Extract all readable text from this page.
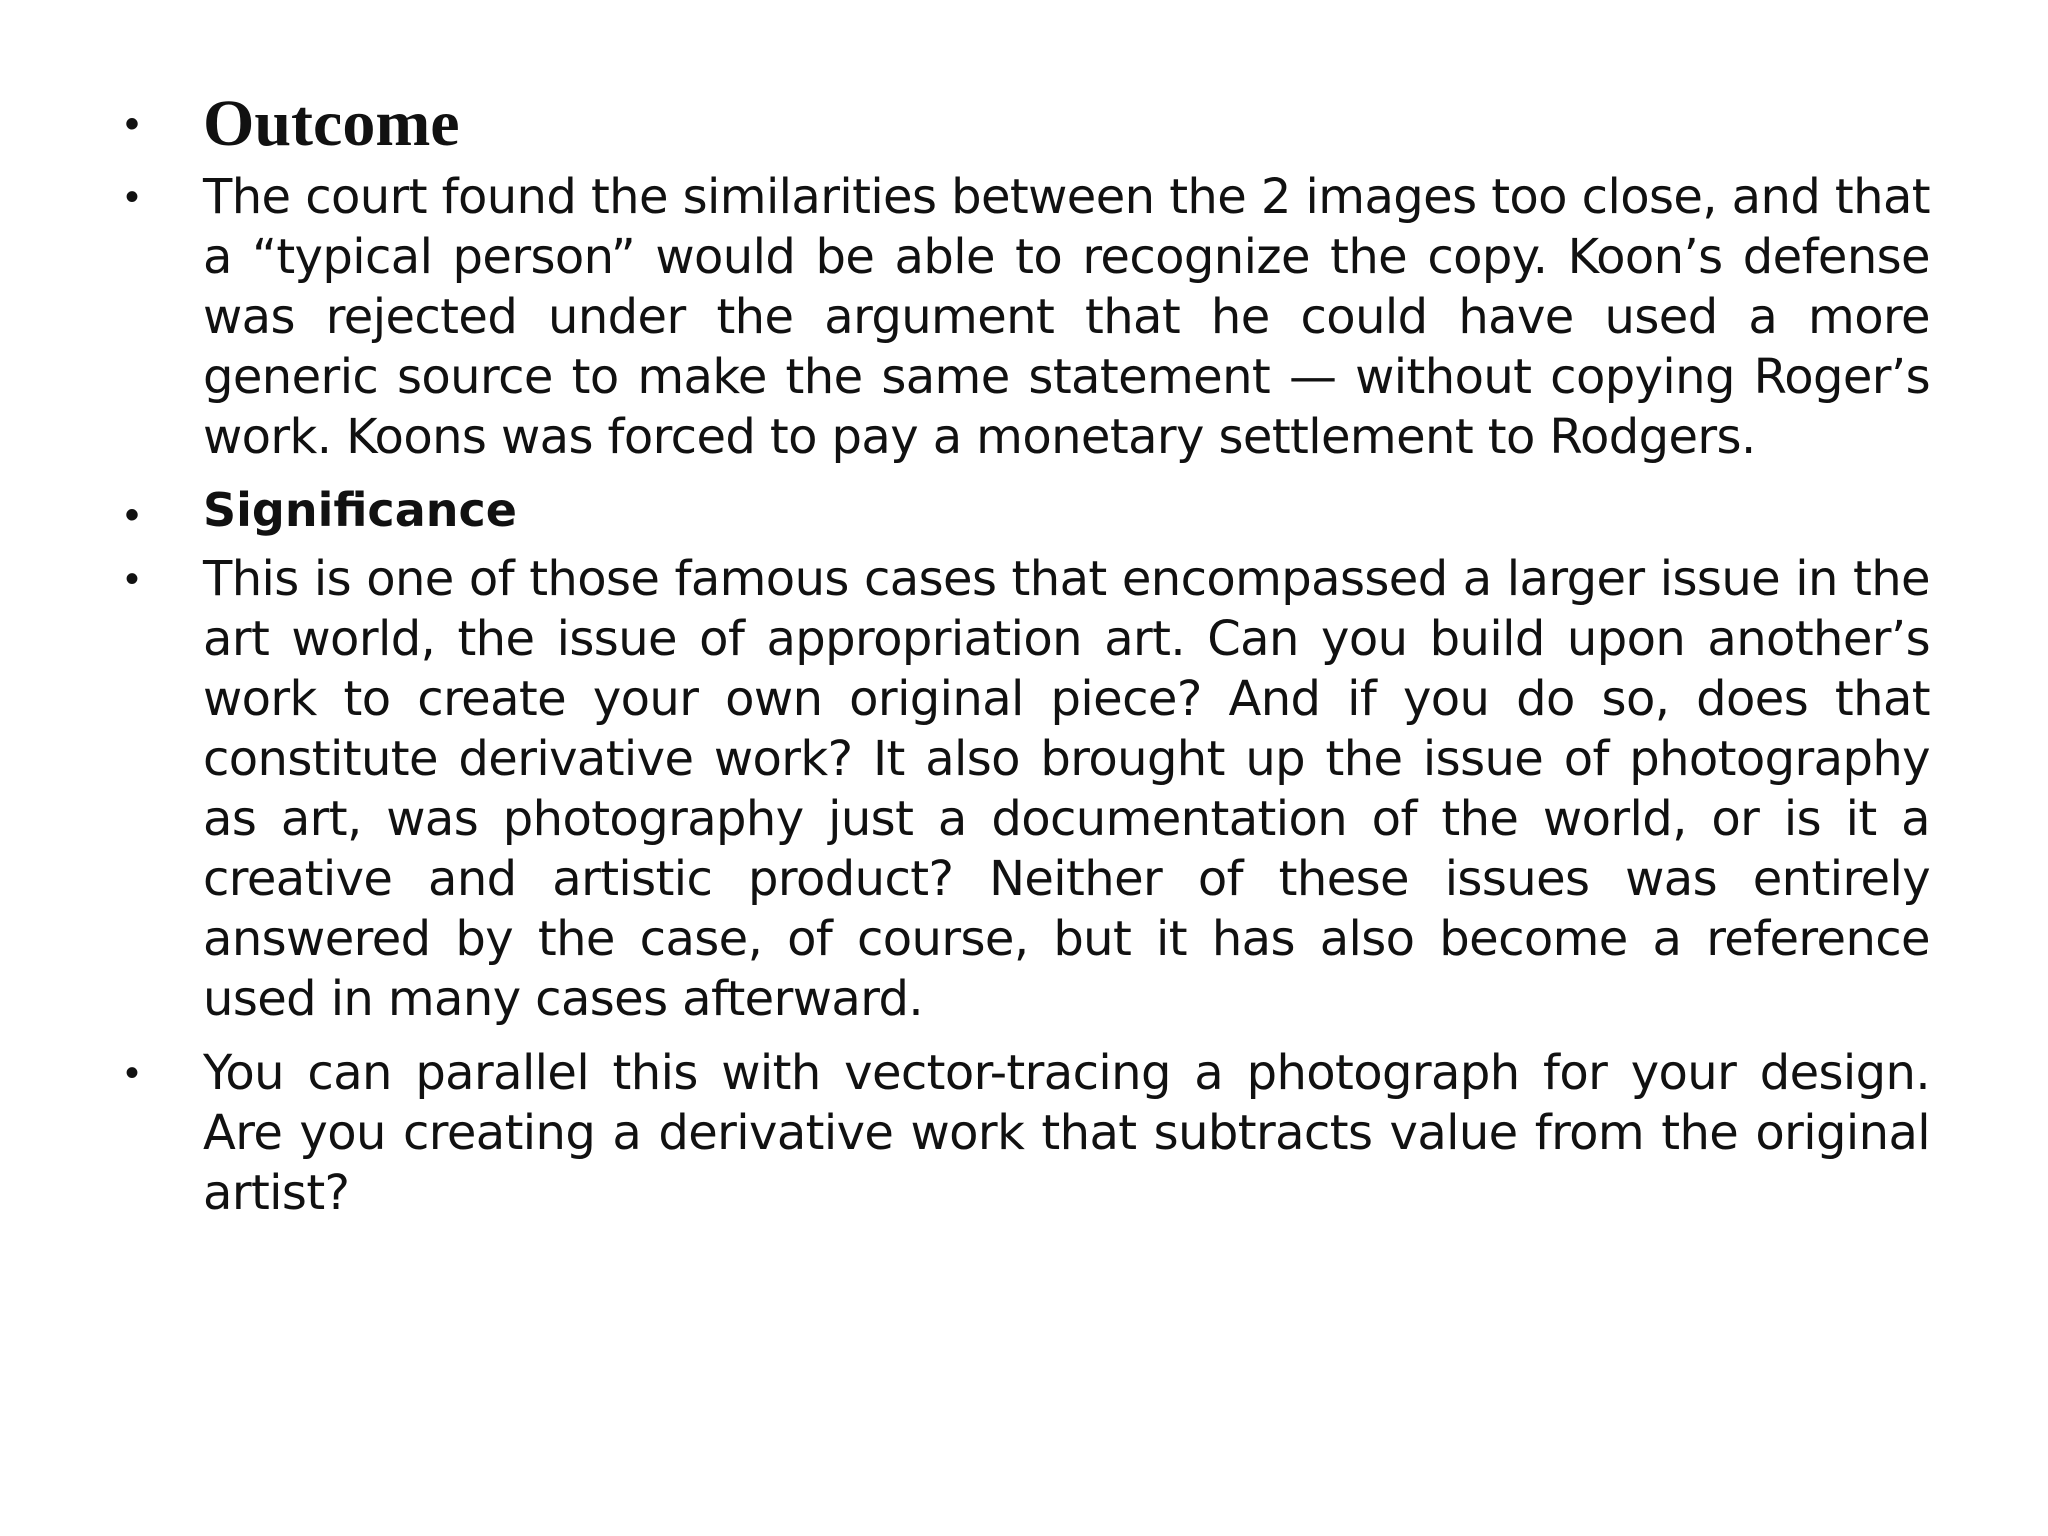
• Outcome
• The court found the similarities between the 2 images too close, and that a “typical person” would be able to recognize the copy. Koon’s defense was rejected under the argument that he could have used a more generic source to make the same statement — without copying Roger’s work. Koons was forced to pay a monetary settlement to Rodgers.
• Significance
• This is one of those famous cases that encompassed a larger issue in the art world, the issue of appropriation art. Can you build upon another’s work to create your own original piece? And if you do so, does that constitute derivative work? It also brought up the issue of photography as art, was photography just a documentation of the world, or is it a creative and artistic product? Neither of these issues was entirely answered by the case, of course, but it has also become a reference used in many cases afterward.
• You can parallel this with vector-tracing a photograph for your design. Are you creating a derivative work that subtracts value from the original artist?
